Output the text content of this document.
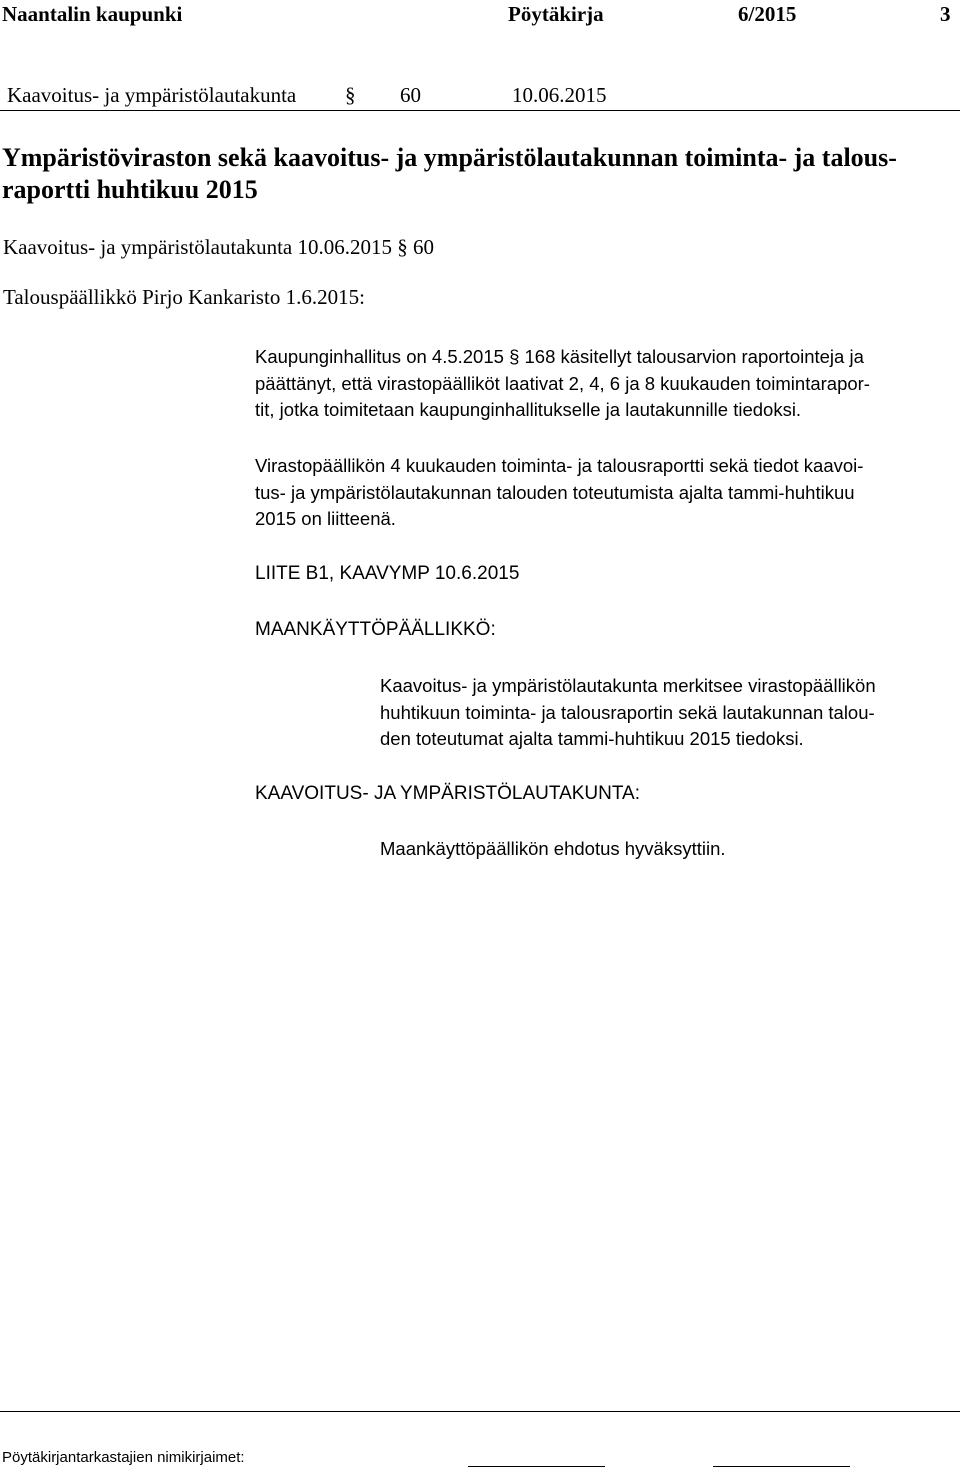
Naantalin kaupunki	Pöytäkirja	6/2015	3
Kaavoitus- ja ympäristölautakunta § 60	10.06.2015
Ympäristöviraston sekä kaavoitus- ja ympäristölautakunnan toiminta- ja talous-
raportti huhtikuu 2015
Kaavoitus- ja ympäristölautakunta 10.06.2015 § 60
Talouspäällikkö Pirjo Kankaristo 1.6.2015:
Kaupunginhallitus on 4.5.2015 § 168 käsitellyt talousarvion raportointeja ja
päättänyt, että virastopäälliköt laativat 2, 4, 6 ja 8 kuukauden toimintarapor-
tit, jotka toimitetaan kaupunginhallitukselle ja lautakunnille tiedoksi.
Virastopäällikön 4 kuukauden toiminta- ja talousraportti sekä tiedot kaavoi-
tus- ja ympäristölautakunnan talouden toteutumista ajalta tammi-huhtikuu
2015 on liitteenä.
LIITE B1, KAAVYMP 10.6.2015
MAANKÄYTTÖPÄÄLLIKKÖ:
Kaavoitus- ja ympäristölautakunta merkitsee virastopäällikön
huhtikuun toiminta- ja talousraportin sekä lautakunnan talou-
den toteutumat ajalta tammi-huhtikuu 2015 tiedoksi.
KAAVOITUS- JA YMPÄRISTÖLAUTAKUNTA:
Maankäyttöpäällikön ehdotus hyväksyttiin.
Pöytäkirjantarkastajien nimikirjaimet:
